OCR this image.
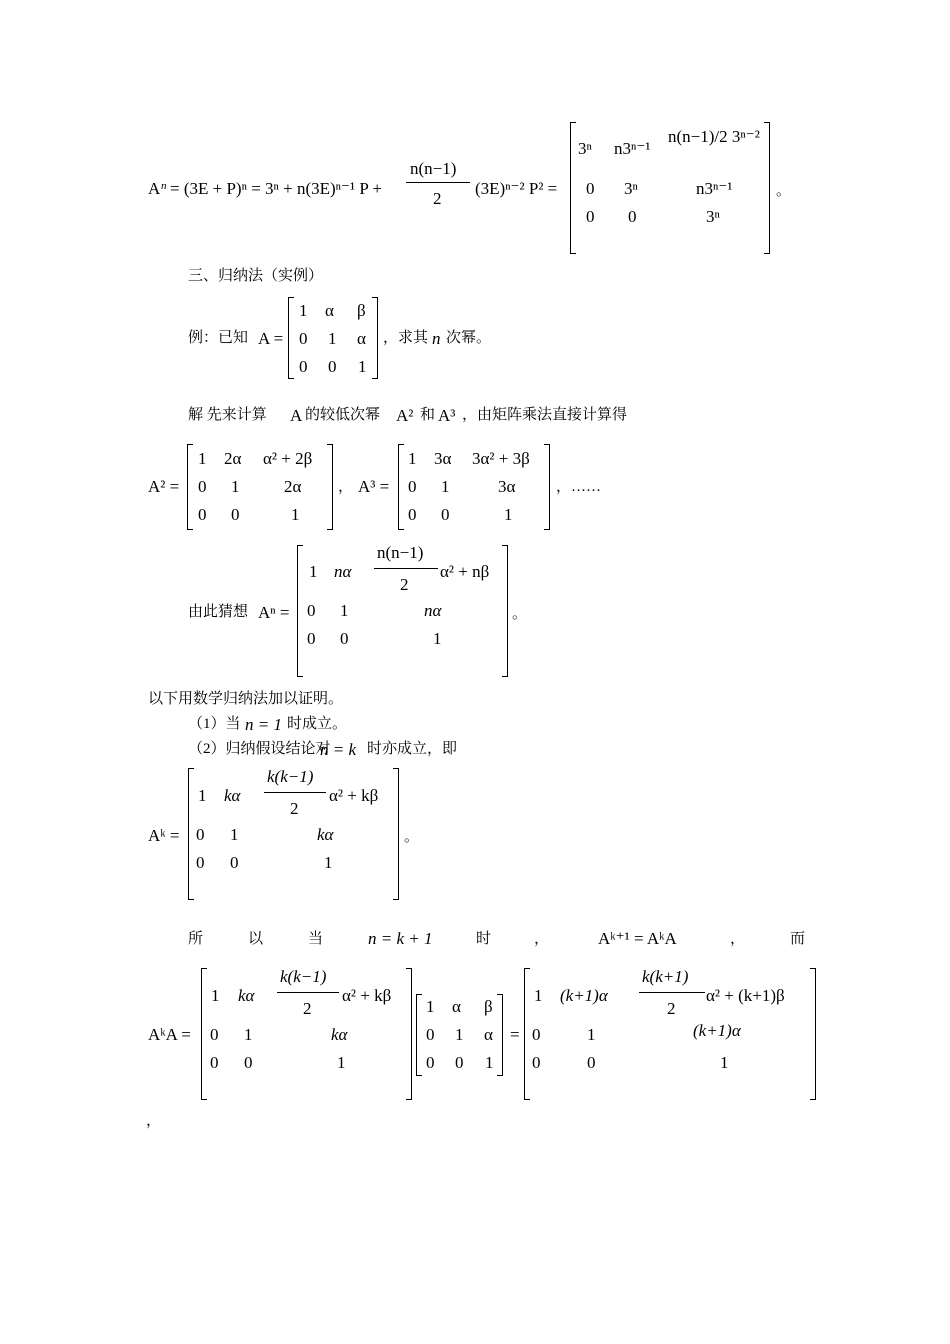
A n = (3E + P)ⁿ = 3ⁿ + n(3E)ⁿ⁻¹ P +
n(n−1)
2
(3E)ⁿ⁻² P² =
3ⁿ n3ⁿ⁻¹
n(n−1)/2 3ⁿ⁻²
0 3ⁿ	n3ⁿ⁻¹
0 0	3ⁿ
。
三、归纳法（实例）
例：已知 A =
1 α β
0 1 α
0 0 1
，求其 n 次幂。
解 先来计算 A 的较低次幂 A² 和 A³ ，由矩阵乘法直接计算得
A² =
1 2α α² + 2β
0 1	2α
0 0	1
， A³ =
1 3α 3α² + 3β
0 1	3α
0 0	1
，……
由此猜想 Aⁿ =
1 nα
n(n−1)
2
α² + nβ
0 1	nα
0 0	1
。
以下用数学归纳法加以证明。
（1）当 n = 1 时成立。
（2）归纳假设结论对
n = k 时亦成立，即
Aᵏ =
1 kα
k(k−1)
2
α² + kβ
0 1	kα
0 0	1
。
所	以	当	n = k + 1	时	，	Aᵏ⁺¹ = AᵏA	，	而
AᵏA =
1 kα
k(k−1)
2
α² + kβ
0 1	kα
0 0	1
1 α β
0 1 α
0 0 1
=
1 (k+1)α
k(k+1)
2
α² + (k+1)β
0	1	(k+1)α
0	0	1
，
